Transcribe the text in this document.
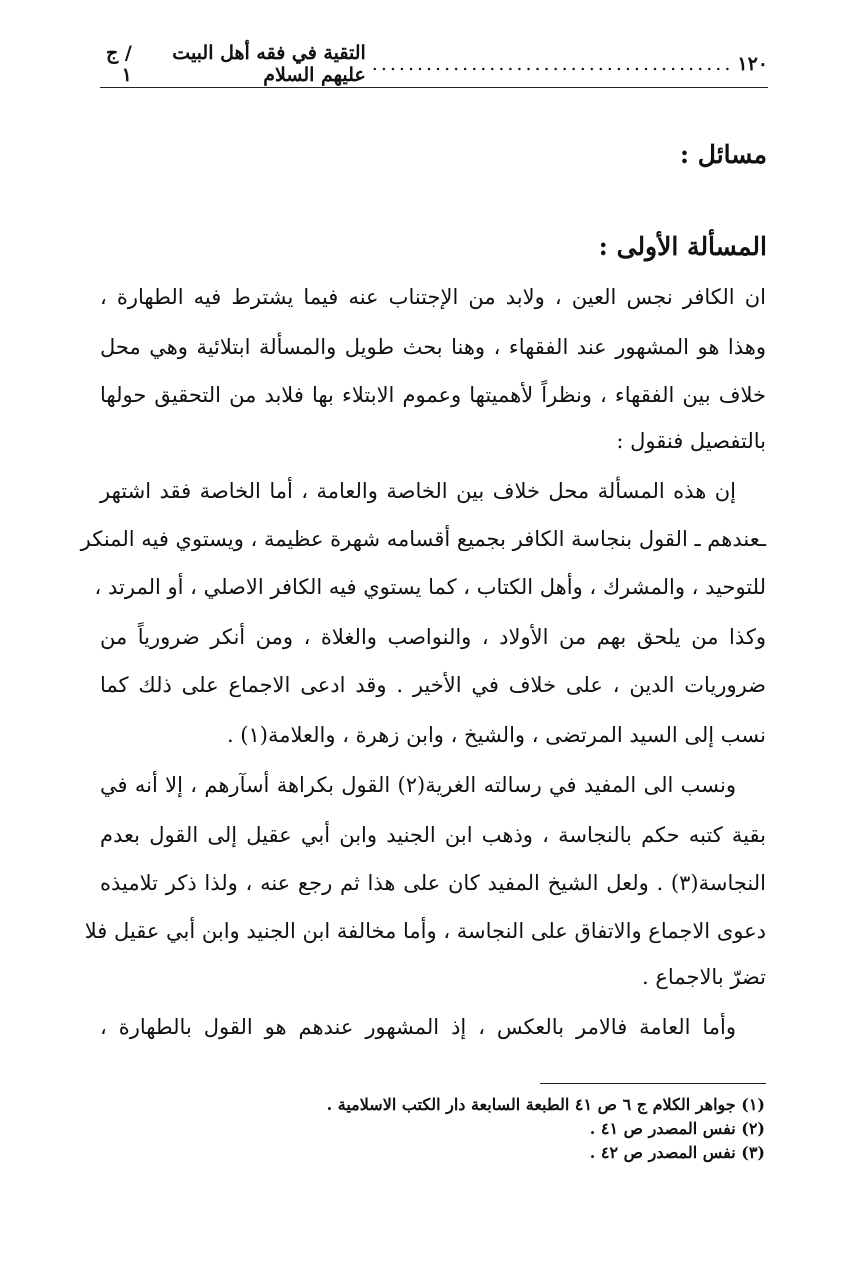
١٢٠
........................................
التقية في فقه أهل البيت عليهم السلام
/ ج ١
مسائل :
المسألة الأولى :
ان الكافر نجس العين ، ولابد من الإجتناب عنه فيما يشترط فيه الطهارة ،
وهذا هو المشهور عند الفقهاء ، وهنا بحث طويل والمسألة ابتلائية وهي محل
خلاف بين الفقهاء ، ونظراً لأهميتها وعموم الابتلاء بها فلابد من التحقيق حولها
بالتفصيل فنقول :
إن هذه المسألة محل خلاف بين الخاصة والعامة ، أما الخاصة فقد اشتهر
ـعندهم ـ القول بنجاسة الكافر بجميع أقسامه شهرة عظيمة ، ويستوي فيه المنكر
للتوحيد ، والمشرك ، وأهل الكتاب ، كما يستوي فيه الكافر الاصلي ، أو المرتد ،
وكذا من يلحق بهم من الأولاد ، والنواصب والغلاة ، ومن أنكر ضرورياً من
ضروريات الدين ، على خلاف في الأخير . وقد ادعى الاجماع على ذلك كما
نسب إلى السيد المرتضى ، والشيخ ، وابن زهرة ، والعلامة(١) .
ونسب الى المفيد في رسالته الغرية(٢) القول بكراهة أسآرهم ، إلا أنه في
بقية كتبه حكم بالنجاسة ، وذهب ابن الجنيد وابن أبي عقيل إلى القول بعدم
النجاسة(٣) . ولعل الشيخ المفيد كان على هذا ثم رجع عنه ، ولذا ذكر تلاميذه
دعوى الاجماع والاتفاق على النجاسة ، وأما مخالفة ابن الجنيد وابن أبي عقيل فلا
تضرّ بالاجماع .
وأما العامة فالامر بالعكس ، إذ المشهور عندهم هو القول بالطهارة ،
(١) جواهر الكلام ج ٦ ص ٤١ الطبعة السابعة دار الكتب الاسلامية .
(٢) نفس المصدر ص ٤١ .
(٣) نفس المصدر ص ٤٢ .
